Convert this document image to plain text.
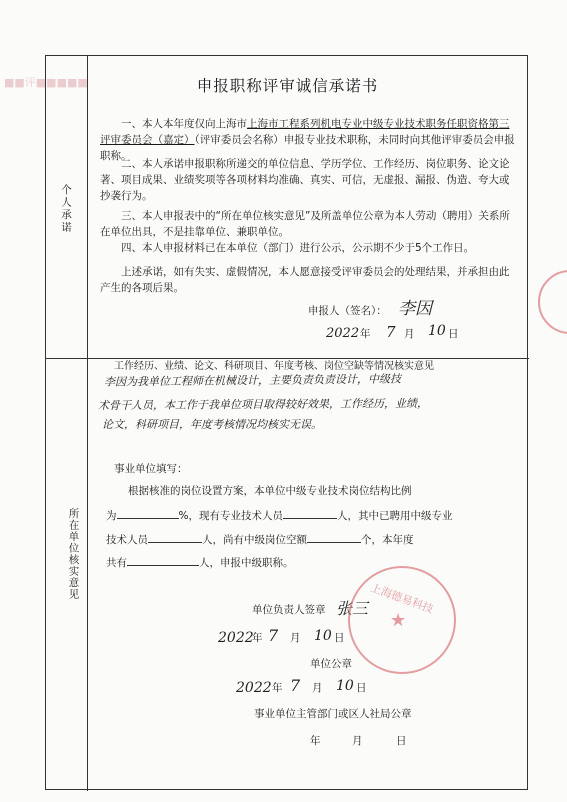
■■评■■■■■	申报职称评审诚信承诺书
个人承诺
一、本人本年度仅向上海市上海市工程系列机电专业中级专业技术职务任职资格第三评审委员会（嘉定）（评审委员会名称）申报专业技术职称，未同时向其他评审委员会申报职称。
二、本人承诺申报职称所递交的单位信息、学历学位、工作经历、岗位职务、论文论著、项目成果、业绩奖项等各项材料均准确、真实、可信，无虚报、漏报、伪造、夸大或抄袭行为。
三、本人申报表中的“所在单位核实意见”及所盖单位公章为本人劳动（聘用）关系所在单位出具，不是挂靠单位、兼职单位。
四、本人申报材料已在本单位（部门）进行公示，公示期不少于5个工作日。
上述承诺，如有失实、虚假情况，本人愿意接受评审委员会的处理结果，并承担由此产生的各项后果。
申报人（签名）： 李因
2022 年 7 月 10 日
所在单位核实意见
工作经历、业绩、论文、科研项目、年度考核、岗位空缺等情况核实意见
李因为我单位工程师在机械设计，主要负责负责设计，中级技
术骨干人员，本工作于我单位项目取得较好效果，工作经历，业绩，
论文，科研项目，年度考核情况均核实无误。
事业单位填写：
根据核准的岗位设置方案，本单位中级专业技术岗位结构比例
为	%，现有专业技术人员	人，其中已聘用中级专业
技术人员	人，尚有中级岗位空额	个，本年度
共有	人，申报中级职称。
单位负责人签章 张三 上海德易科技
★
2022
年 7 月 10 日
单位公章
2022 年 7 月 10 日
事业单位主管部门或区人社局公章
年	月	日
